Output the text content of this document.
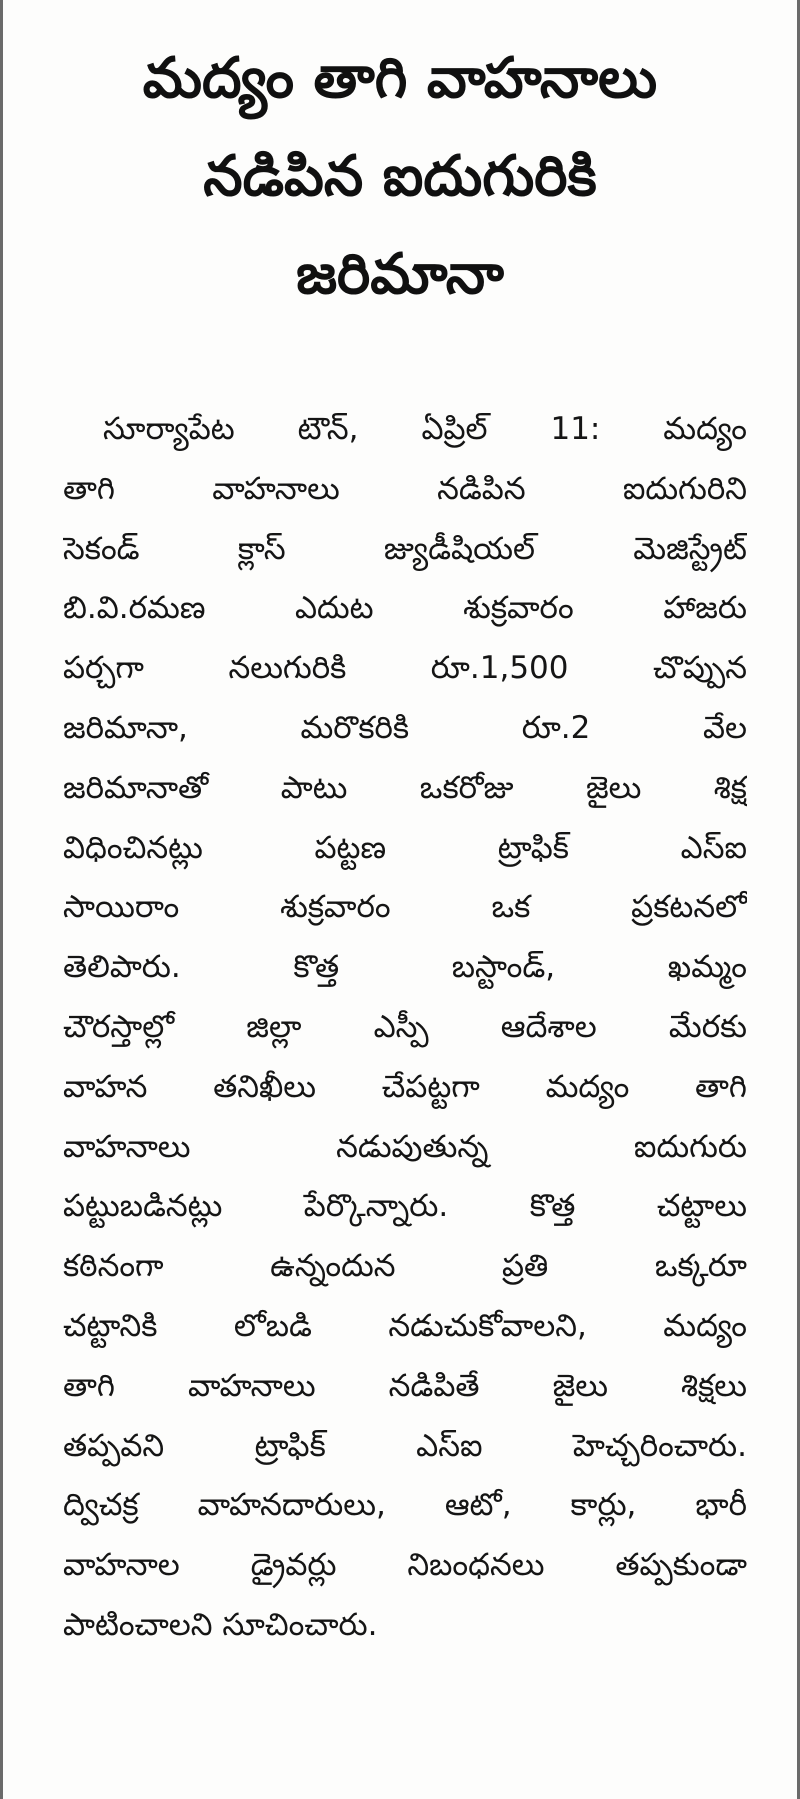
మద్యం తాగి వాహనాలు
నడిపిన ఐదుగురికి
జరిమానా
సూర్యాపేట టౌన్, ఏప్రిల్ 11: మద్యం
తాగి వాహనాలు నడిపిన ఐదుగురిని
సెకండ్ క్లాస్ జ్యుడీషియల్ మెజిస్ట్రేట్
బి.వి.రమణ ఎదుట శుక్రవారం హాజరు
పర్చగా నలుగురికి రూ.1,500 చొప్పున
జరిమానా, మరొకరికి రూ.2 వేల
జరిమానాతో పాటు ఒకరోజు జైలు శిక్ష
విధించినట్లు పట్టణ ట్రాఫిక్ ఎస్ఐ
సాయిరాం శుక్రవారం ఒక ప్రకటనలో
తెలిపారు. కొత్త బస్టాండ్, ఖమ్మం
చౌరస్తాల్లో జిల్లా ఎస్పీ ఆదేశాల మేరకు
వాహన తనిఖీలు చేపట్టగా మద్యం తాగి
వాహనాలు నడుపుతున్న ఐదుగురు
పట్టుబడినట్లు పేర్కొన్నారు. కొత్త చట్టాలు
కఠినంగా ఉన్నందున ప్రతి ఒక్కరూ
చట్టానికి లోబడి నడుచుకోవాలని, మద్యం
తాగి వాహనాలు నడిపితే జైలు శిక్షలు
తప్పవని ట్రాఫిక్ ఎస్ఐ హెచ్చరించారు.
ద్విచక్ర వాహనదారులు, ఆటో, కార్లు, భారీ
వాహనాల డ్రైవర్లు నిబంధనలు తప్పకుండా
పాటించాలని సూచించారు.
